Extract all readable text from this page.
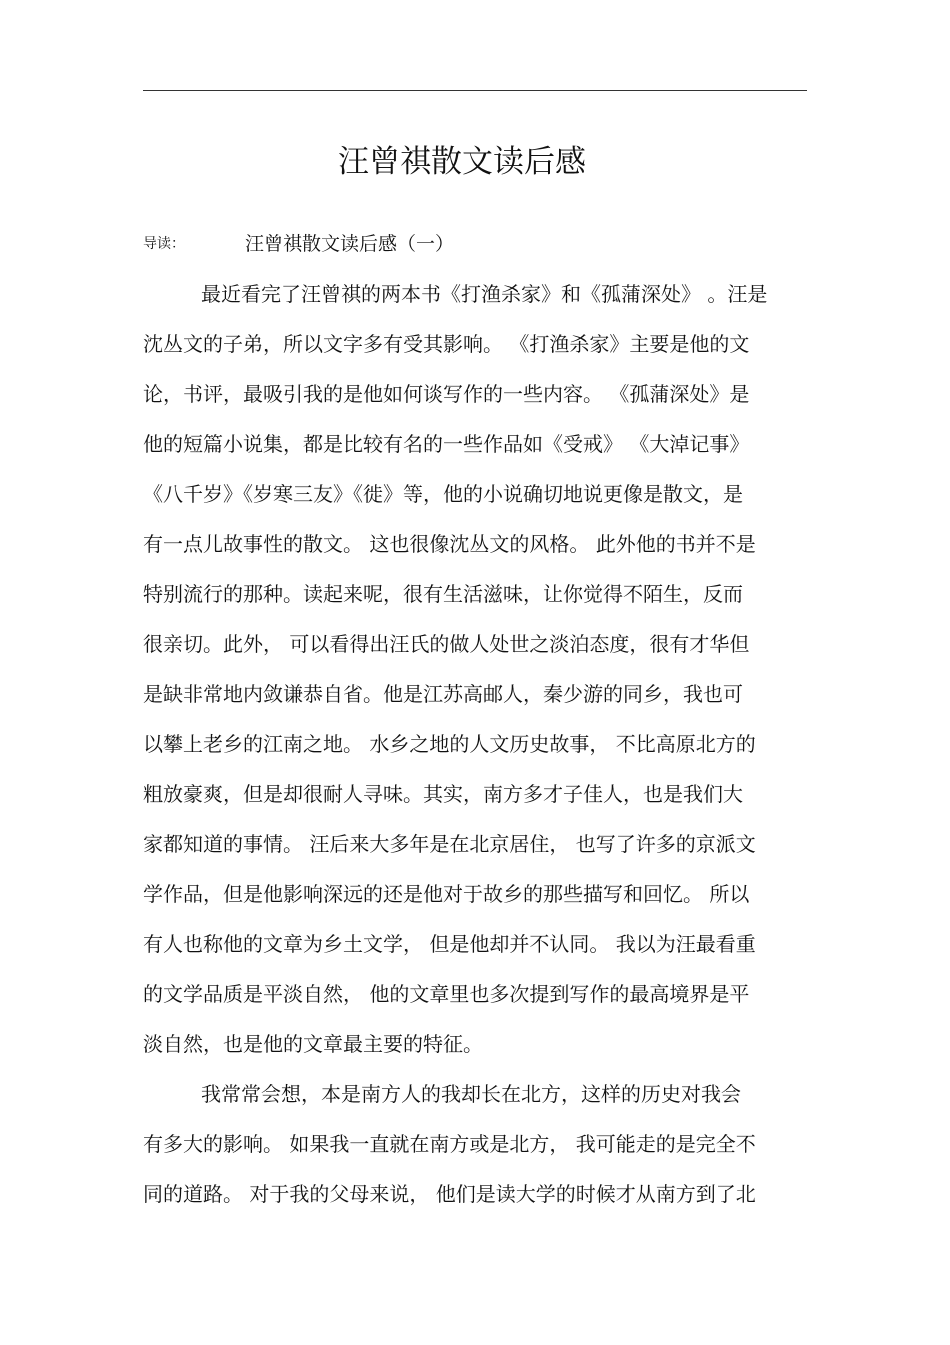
汪曾祺散文读后感
导读：	汪曾祺散文读后感（一）
最近看完了汪曾祺的两本书《打渔杀家》和《孤蒲深处》 。汪是
沈丛文的子弟，所以文字多有受其影响。 《打渔杀家》主要是他的文
论，书评，最吸引我的是他如何谈写作的一些内容。 《孤蒲深处》是
他的短篇小说集，都是比较有名的一些作品如《受戒》 《大淖记事》
《八千岁》《岁寒三友》《徙》等，他的小说确切地说更像是散文，是
有一点儿故事性的散文。 这也很像沈丛文的风格。 此外他的书并不是
特别流行的那种。读起来呢，很有生活滋味，让你觉得不陌生，反而
很亲切。此外， 可以看得出汪氏的做人处世之淡泊态度，很有才华但
是缺非常地内敛谦恭自省。他是江苏高邮人，秦少游的同乡，我也可
以攀上老乡的江南之地。 水乡之地的人文历史故事， 不比高原北方的
粗放豪爽，但是却很耐人寻味。其实，南方多才子佳人，也是我们大
家都知道的事情。 汪后来大多年是在北京居住， 也写了许多的京派文
学作品，但是他影响深远的还是他对于故乡的那些描写和回忆。 所以
有人也称他的文章为乡土文学， 但是他却并不认同。 我以为汪最看重
的文学品质是平淡自然， 他的文章里也多次提到写作的最高境界是平
淡自然，也是他的文章最主要的特征。
我常常会想，本是南方人的我却长在北方，这样的历史对我会
有多大的影响。 如果我一直就在南方或是北方， 我可能走的是完全不
同的道路。 对于我的父母来说， 他们是读大学的时候才从南方到了北
